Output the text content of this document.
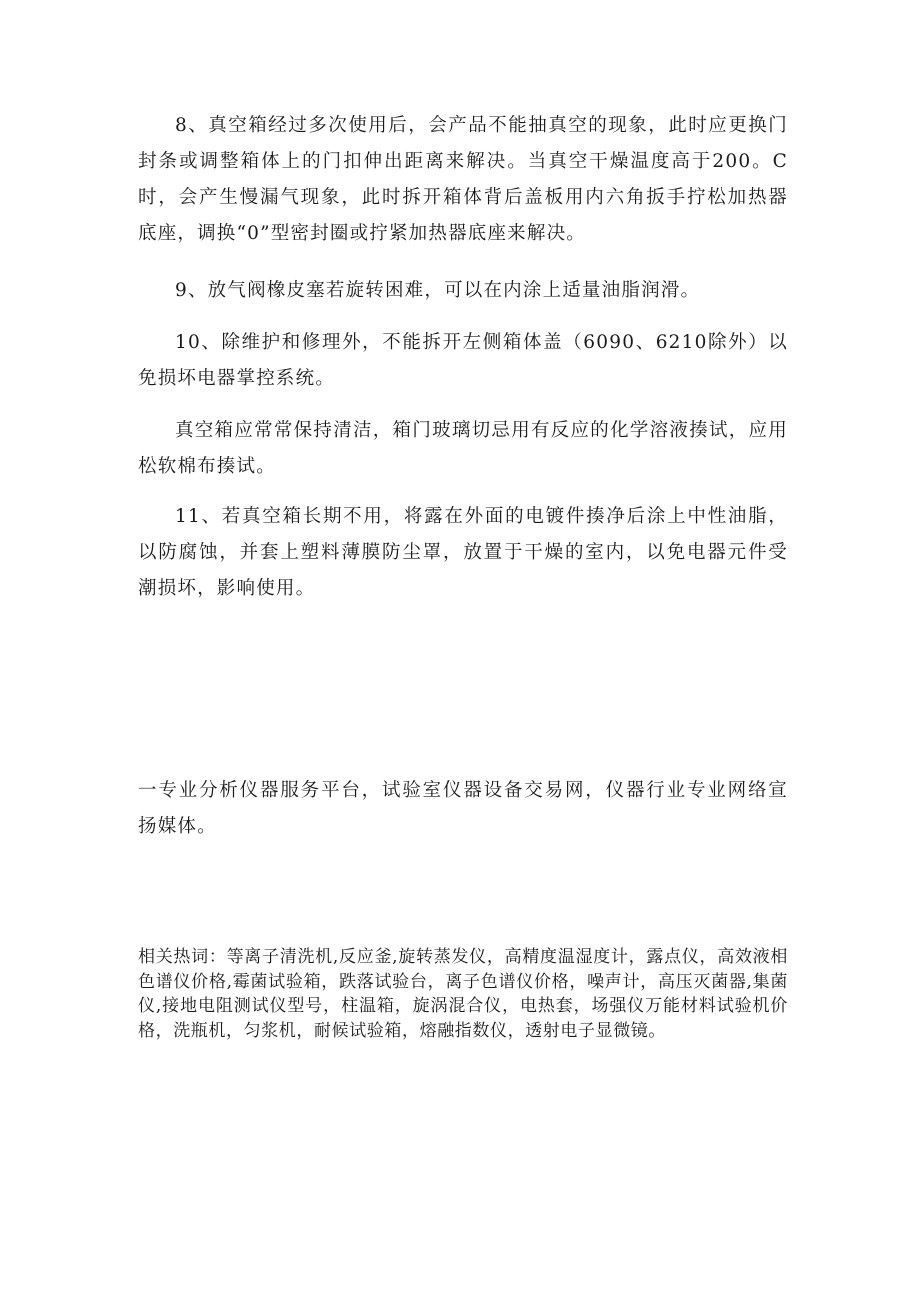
8、真空箱经过多次使用后，会产品不能抽真空的现象，此时应更换门封条或调整箱体上的门扣伸出距离来解决。当真空干燥温度高于200。C时，会产生慢漏气现象，此时拆开箱体背后盖板用内六角扳手拧松加热器底座，调换“0”型密封圈或拧紧加热器底座来解决。

9、放气阀橡皮塞若旋转困难，可以在内涂上适量油脂润滑。

10、除维护和修理外，不能拆开左侧箱体盖（6090、6210除外）以免损坏电器掌控系统。

真空箱应常常保持清洁，箱门玻璃切忌用有反应的化学溶液揍试，应用松软棉布揍试。

11、若真空箱长期不用，将露在外面的电镀件揍净后涂上中性油脂，以防腐蚀，并套上塑料薄膜防尘罩，放置于干燥的室内，以免电器元件受潮损坏，影响使用。

一专业分析仪器服务平台，试验室仪器设备交易网，仪器行业专业网络宣扬媒体。

相关热词：等离子清洗机,反应釜,旋转蒸发仪，高精度温湿度计，露点仪，高效液相色谱仪价格,霉菌试验箱，跌落试验台，离子色谱仪价格，噪声计，高压灭菌器,集菌仪,接地电阻测试仪型号，柱温箱，旋涡混合仪，电热套，场强仪万能材料试验机价格，洗瓶机，匀浆机，耐候试验箱，熔融指数仪，透射电子显微镜。
